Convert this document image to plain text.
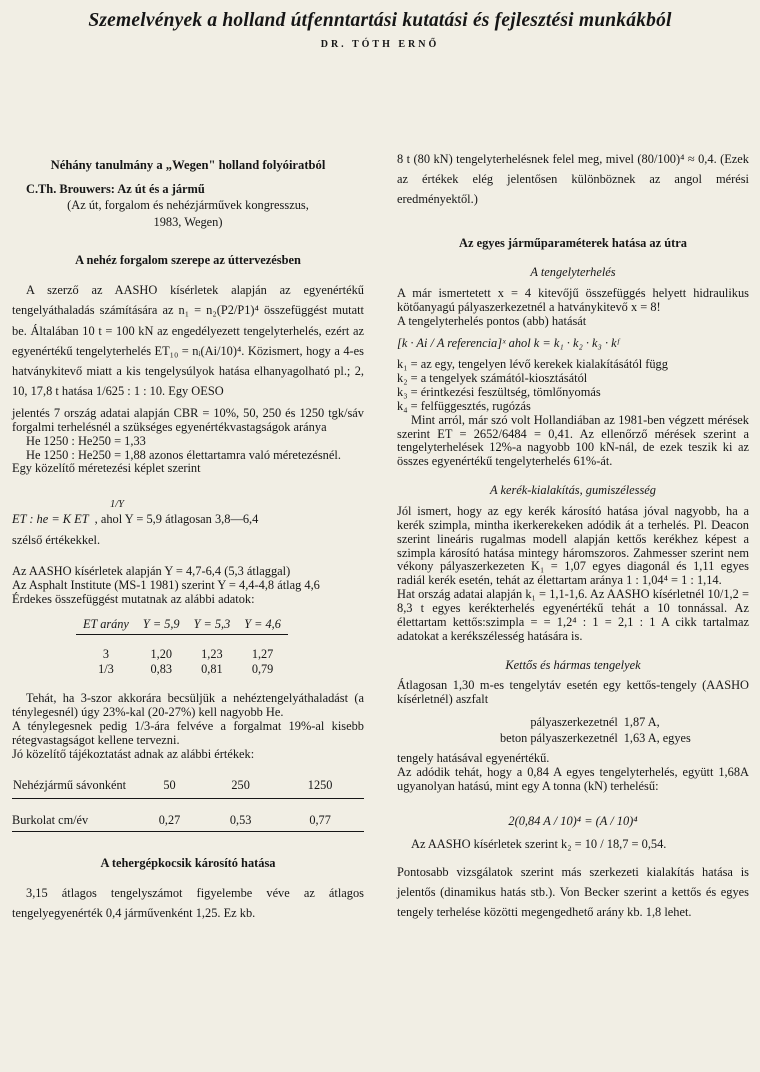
Szemelvények a holland útfenntartási kutatási és fejlesztési munkákból
DR. TÓTH ERNŐ
Néhány tanulmány a „Wegen" holland folyóiratból
C.Th. Brouwers: Az út és a jármű
(Az út, forgalom és nehézjárművek kongresszus,
1983, Wegen)
A nehéz forgalom szerepe az úttervezésben

A szerző az AASHO kísérletek alapján az egyenértékű tengelyáthaladás számítására az n₁ = n₂(P2/P1)⁴ összefüggést mutatt be. Általában 10 t = 100 kN az engedélyezett tengelyterhelés, ezért az egyenértékű tengelyterhelés ET₁₀ = nᵢ(Ai/10)⁴. Közismert, hogy a 4-es hatványkitevő miatt a kis tengelysúlyok hatása elhanyagolható pl.; 2, 10, 17,8 t hatása 1/625 : 1 : 10. Egy OESO

jelentés 7 ország adatai alapján CBR = 10%, 50, 250 és 1250 tgk/sáv forgalmi terhelésnél a szükséges egyenértékvastagságok aránya

He 1250 : He250 = 1,33

He 1250 : He250 = 1,88 azonos élettartamra való méretezésnél.

Egy közelítő méretezési képlet szerint

1/Y
ET : he = K ET , ahol Y = 5,9 átlagosan 3,8—6,4
szélső értékekkel.

Az AASHO kísérletek alapján Y = 4,7-6,4 (5,3 átlaggal)

Az Asphalt Institute (MS-1 1981) szerint Y = 4,4-4,8 átlag 4,6

Érdekes összefüggést mutatnak az alábbi adatok:

ET arány	Y = 5,9	Y = 5,3	Y = 4,6
3	1,20	1,23	1,27
1/3	0,83	0,81	0,79

Tehát, ha 3-szor akkorára becsüljük a nehéztengelyáthaladást (a ténylegesnél) úgy 23%-kal (20-27%) kell nagyobb He.

A ténylegesnek pedig 1/3-ára felvéve a forgalmat 19%-al kisebb rétegvastagságot kellene tervezni.

Jó közelítő tájékoztatást adnak az alábbi értékek:

Nehézjármű sávonként	50	250	1250
Burkolat cm/év	0,27	0,53	0,77
A tehergépkocsik károsító hatása

3,15 átlagos tengelyszámot figyelembe véve az átlagos tengelyegyenérték 0,4 járművenként 1,25. Ez kb.

8 t (80 kN) tengelyterhelésnek felel meg, mivel (80/100)⁴ ≈ 0,4. (Ezek az értékek elég jelentősen különböznek az angol mérési eredményektől.)

Az egyes járműparaméterek hatása az útra
A tengelyterhelés

A már ismertetett x = 4 kitevőjű összefüggés helyett hidraulikus kötőanyagú pályaszerkezetnél a hatványkitevő x = 8!

A tengelyterhelés pontos (abb) hatását

[k · Ai / A referencia]ˣ ahol k = k₁ · k₂ · k₃ · kᶠ

k₁ = az egy, tengelyen lévő kerekek kialakításától függ

k₂ = a tengelyek számától-kiosztásától

k₃ = érintkezési feszültség, tömlőnyomás

k₄ = felfüggesztés, rugózás

Mint arról, már szó volt Hollandiában az 1981-ben végzett mérések szerint ET = 2652/6484 = 0,41. Az ellenőrző mérések szerint a tengelyterhelések 12%-a nagyobb 100 kN-nál, de ezek teszik ki az összes egyenértékű tengelyterhelés 61%-át.

A kerék-kialakítás, gumiszélesség

Jól ismert, hogy az egy kerék károsító hatása jóval nagyobb, ha a kerék szimpla, mintha ikerkerekeken adódik át a terhelés. Pl. Deacon szerint lineáris rugalmas modell alapján kettős kerékhez képest a szimpla károsító hatása mintegy háromszoros. Zahmesser szerint nem vékony pályaszerkezeten K₁ = 1,07 egyes diagonál és 1,11 egyes radiál kerék esetén, tehát az élettartam aránya 1 : 1,04⁴ = 1 : 1,14.

Hat ország adatai alapján k₁ = 1,1-1,6. Az AASHO kísérletnél 10/1,2 = 8,3 t egyes kerékterhelés egyenértékű tehát a 10 tonnással. Az élettartam kettős:szimpla = = 1,2⁴ : 1 = 2,1 : 1 A cikk tartalmaz adatokat a kerékszélesség hatására is.

Kettős és hármas tengelyek

Átlagosan 1,30 m-es tengelytáv esetén egy kettős-tengely (AASHO kísérletnél) aszfalt

pályaszerkezetnél	1,87 A,
beton pályaszerkezetnél	1,63 A, egyes

tengely hatásával egyenértékű.

Az adódik tehát, hogy a 0,84 A egyes tengelyterhelés, együtt 1,68A ugyanolyan hatású, mint egy A tonna (kN) terhelésű:

2(0,84 A / 10)⁴ = (A / 10)⁴

Az AASHO kísérletek szerint k₂ = 10 / 18,7 = 0,54.

Pontosabb vizsgálatok szerint más szerkezeti kialakítás hatása is jelentős (dinamikus hatás stb.). Von Becker szerint a kettős és egyes tengely terhelése közötti megengedhető arány kb. 1,8 lehet.
